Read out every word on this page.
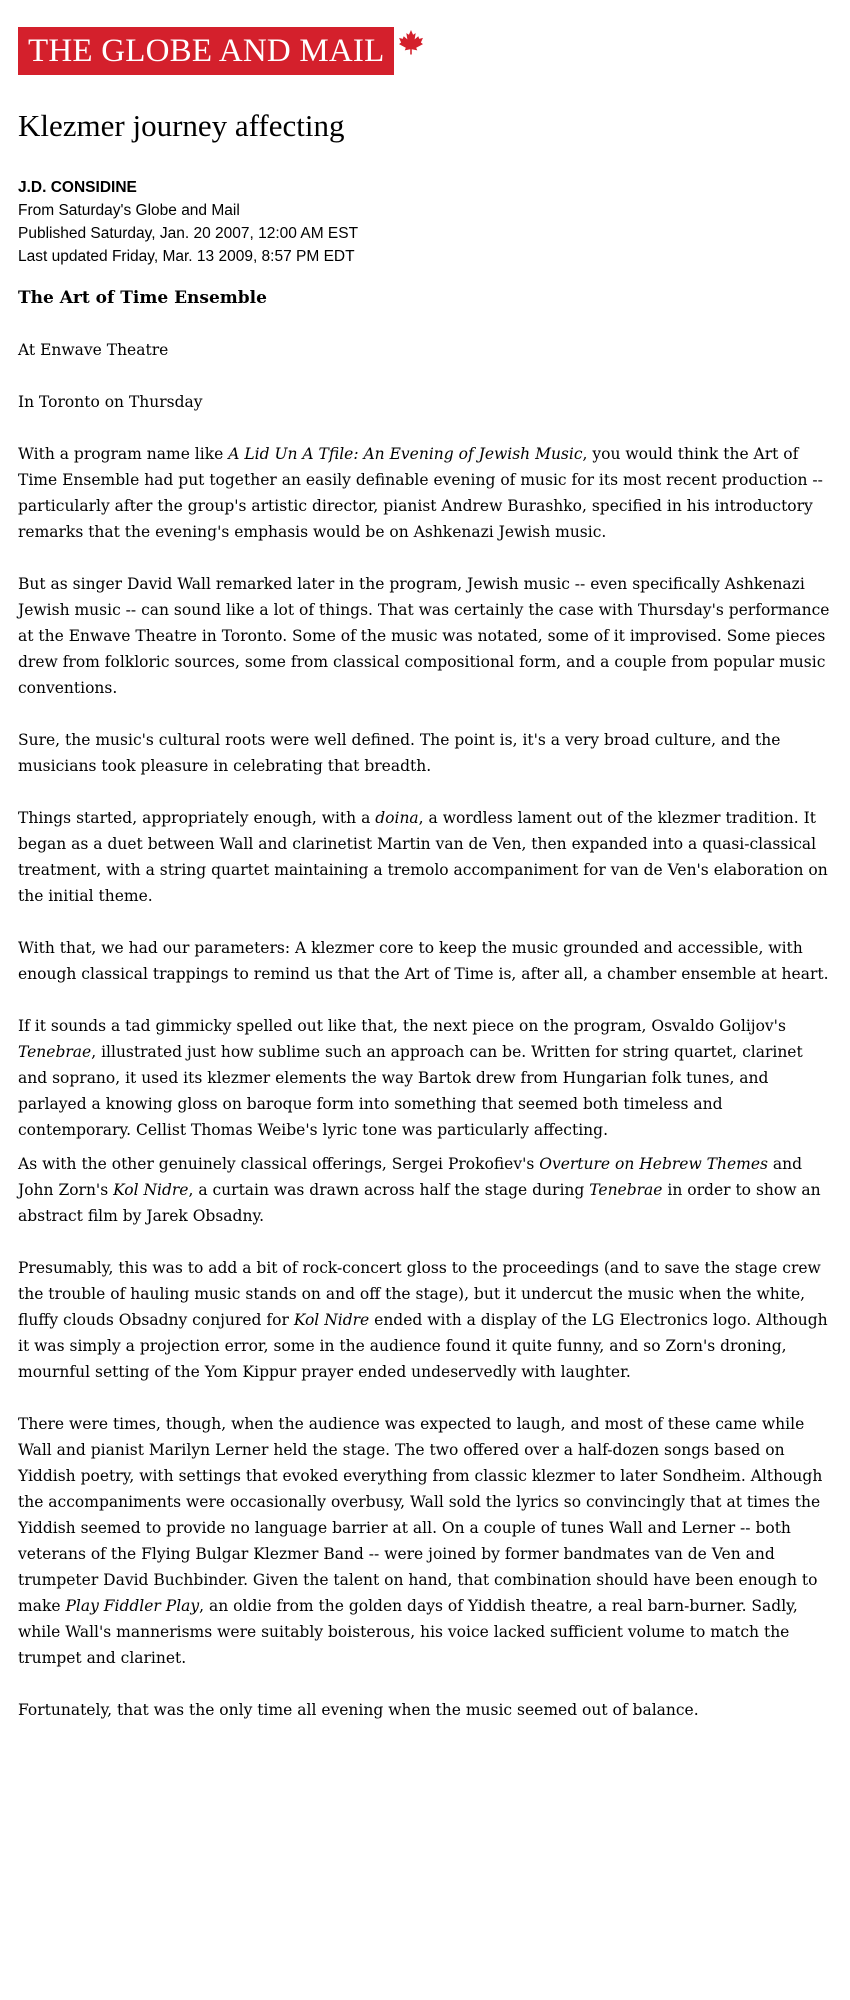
THE GLOBE AND MAIL
Klezmer journey affecting
J.D. CONSIDINE
From Saturday's Globe and Mail
Published Saturday, Jan. 20 2007, 12:00 AM EST
Last updated Friday, Mar. 13 2009, 8:57 PM EDT
The Art of Time Ensemble

At Enwave Theatre

In Toronto on Thursday

With a program name like A Lid Un A Tfile: An Evening of Jewish Music, you would think the Art of Time Ensemble had put together an easily definable evening of music for its most recent production -- particularly after the group's artistic director, pianist Andrew Burashko, specified in his introductory remarks that the evening's emphasis would be on Ashkenazi Jewish music.

But as singer David Wall remarked later in the program, Jewish music -- even specifically Ashkenazi Jewish music -- can sound like a lot of things. That was certainly the case with Thursday's performance at the Enwave Theatre in Toronto. Some of the music was notated, some of it improvised. Some pieces drew from folkloric sources, some from classical compositional form, and a couple from popular music conventions.

Sure, the music's cultural roots were well defined. The point is, it's a very broad culture, and the musicians took pleasure in celebrating that breadth.

Things started, appropriately enough, with a doina, a wordless lament out of the klezmer tradition. It began as a duet between Wall and clarinetist Martin van de Ven, then expanded into a quasi-classical treatment, with a string quartet maintaining a tremolo accompaniment for van de Ven's elaboration on the initial theme.

With that, we had our parameters: A klezmer core to keep the music grounded and accessible, with enough classical trappings to remind us that the Art of Time is, after all, a chamber ensemble at heart.

If it sounds a tad gimmicky spelled out like that, the next piece on the program, Osvaldo Golijov's Tenebrae, illustrated just how sublime such an approach can be. Written for string quartet, clarinet and soprano, it used its klezmer elements the way Bartok drew from Hungarian folk tunes, and parlayed a knowing gloss on baroque form into something that seemed both timeless and contemporary. Cellist Thomas Weibe's lyric tone was particularly affecting.

As with the other genuinely classical offerings, Sergei Prokofiev's Overture on Hebrew Themes and John Zorn's Kol Nidre, a curtain was drawn across half the stage during Tenebrae in order to show an abstract film by Jarek Obsadny.

Presumably, this was to add a bit of rock-concert gloss to the proceedings (and to save the stage crew the trouble of hauling music stands on and off the stage), but it undercut the music when the white, fluffy clouds Obsadny conjured for Kol Nidre ended with a display of the LG Electronics logo. Although it was simply a projection error, some in the audience found it quite funny, and so Zorn's droning, mournful setting of the Yom Kippur prayer ended undeservedly with laughter.

There were times, though, when the audience was expected to laugh, and most of these came while Wall and pianist Marilyn Lerner held the stage. The two offered over a half-dozen songs based on Yiddish poetry, with settings that evoked everything from classic klezmer to later Sondheim. Although the accompaniments were occasionally overbusy, Wall sold the lyrics so convincingly that at times the Yiddish seemed to provide no language barrier at all. On a couple of tunes Wall and Lerner -- both veterans of the Flying Bulgar Klezmer Band -- were joined by former bandmates van de Ven and trumpeter David Buchbinder. Given the talent on hand, that combination should have been enough to make Play Fiddler Play, an oldie from the golden days of Yiddish theatre, a real barn-burner. Sadly, while Wall's mannerisms were suitably boisterous, his voice lacked sufficient volume to match the trumpet and clarinet.

Fortunately, that was the only time all evening when the music seemed out of balance.
